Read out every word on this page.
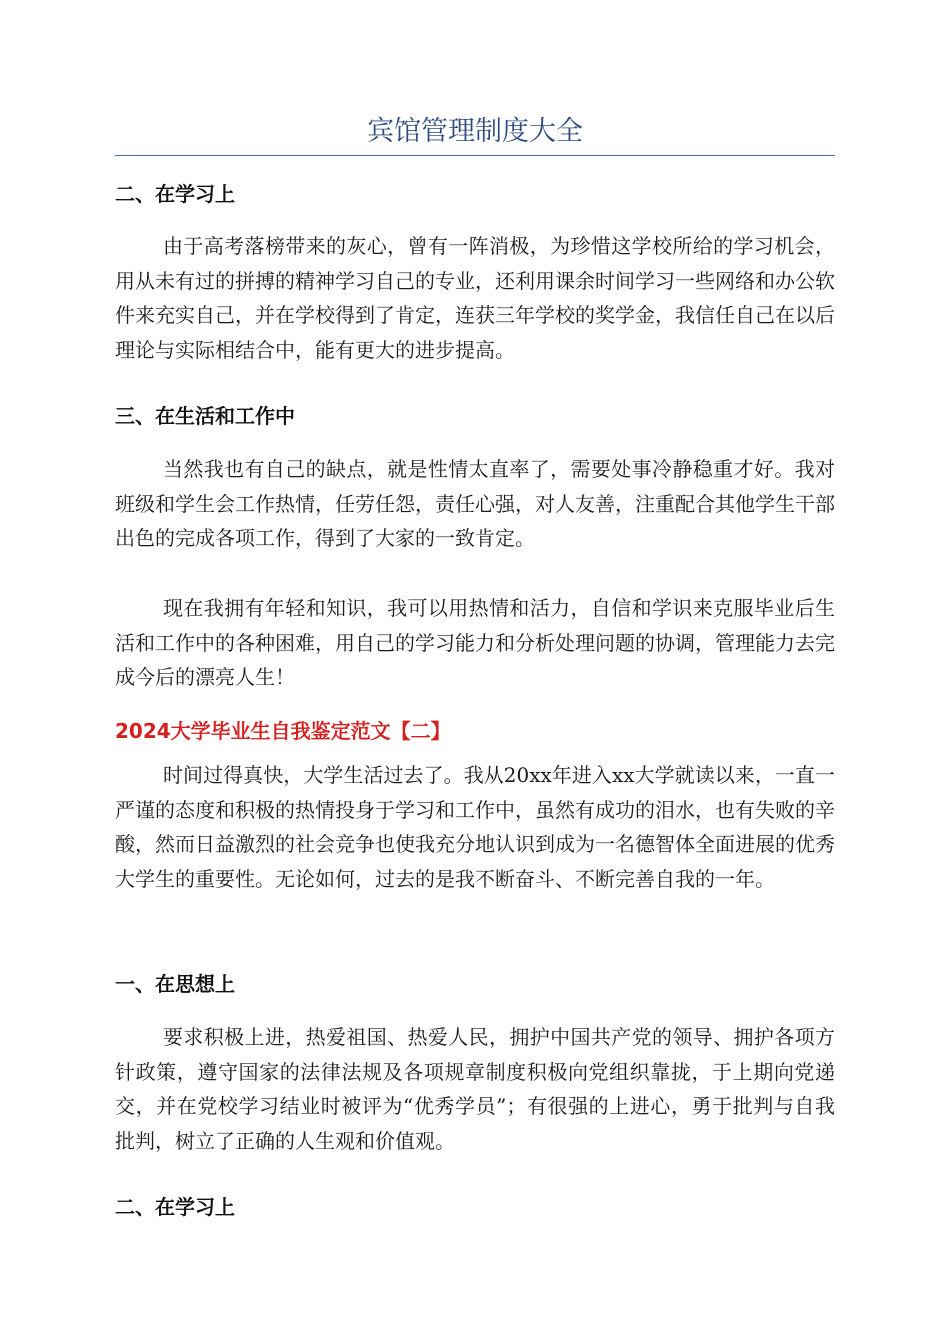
宾馆管理制度大全
二、在学习上
由于高考落榜带来的灰心，曾有一阵消极，为珍惜这学校所给的学习机会，用从未有过的拼搏的精神学习自己的专业，还利用课余时间学习一些网络和办公软件来充实自己，并在学校得到了肯定，连获三年学校的奖学金，我信任自己在以后理论与实际相结合中，能有更大的进步提高。
三、在生活和工作中
当然我也有自己的缺点，就是性情太直率了，需要处事冷静稳重才好。我对班级和学生会工作热情，任劳任怨，责任心强，对人友善，注重配合其他学生干部出色的完成各项工作，得到了大家的一致肯定。
现在我拥有年轻和知识，我可以用热情和活力，自信和学识来克服毕业后生活和工作中的各种困难，用自己的学习能力和分析处理问题的协调，管理能力去完成今后的漂亮人生！
2024大学毕业生自我鉴定范文【二】
时间过得真快，大学生活过去了。我从20xx年进入xx大学就读以来，一直一严谨的态度和积极的热情投身于学习和工作中，虽然有成功的泪水，也有失败的辛酸，然而日益激烈的社会竞争也使我充分地认识到成为一名德智体全面进展的优秀大学生的重要性。无论如何，过去的是我不断奋斗、不断完善自我的一年。
一、在思想上
要求积极上进，热爱祖国、热爱人民，拥护中国共产党的领导、拥护各项方针政策，遵守国家的法律法规及各项规章制度积极向党组织靠拢，于上期向党递交，并在党校学习结业时被评为“优秀学员”；有很强的上进心，勇于批判与自我批判，树立了正确的人生观和价值观。
二、在学习上
